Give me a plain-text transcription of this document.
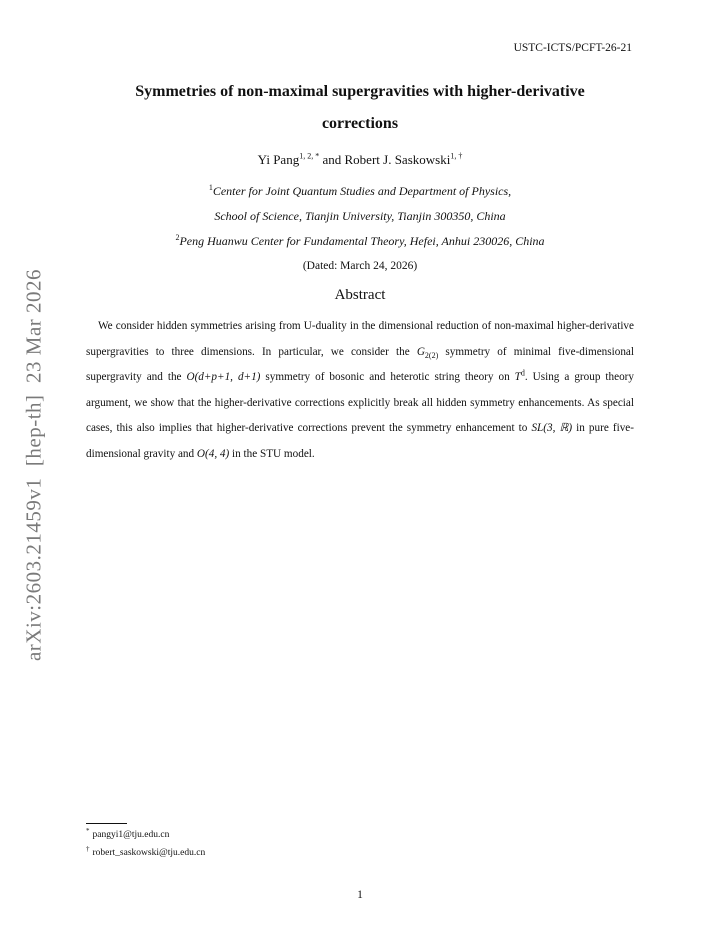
USTC-ICTS/PCFT-26-21
Symmetries of non-maximal supergravities with higher-derivative
corrections
Yi Pang$^{1, 2, *}$ and Robert J. Saskowski$^{1, \dagger}$
$^1$Center for Joint Quantum Studies and Department of Physics,
School of Science, Tianjin University, Tianjin 300350, China
$^2$Peng Huanwu Center for Fundamental Theory, Hefei, Anhui 230026, China
(Dated: March 24, 2026)
Abstract
We consider hidden symmetries arising from U-duality in the dimensional reduction of non-maximal higher-derivative supergravities to three dimensions. In particular, we consider the $G_{2(2)}$ symmetry of minimal five-dimensional supergravity and the O(d+p+1, d+1) symmetry of bosonic and heterotic string theory on $T^d$. Using a group theory argument, we show that the higher-derivative corrections explicitly break all hidden symmetry enhancements. As special cases, this also implies that higher-derivative corrections prevent the symmetry enhancement to SL(3, ℝ) in pure five-dimensional gravity and O(4, 4) in the STU model.
arXiv:2603.21459v1  [hep-th]  23 Mar 2026
* pangyi1@tju.edu.cn
† robert_saskowski@tju.edu.cn
1
